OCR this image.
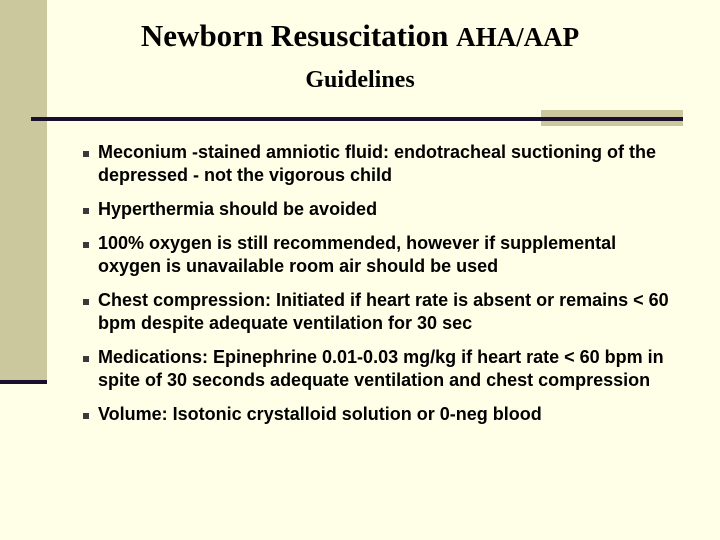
Newborn Resuscitation AHA/AAP
Guidelines
Meconium -stained amniotic fluid: endotracheal suctioning of the depressed - not the vigorous child
Hyperthermia should be avoided
100% oxygen is still recommended, however if supplemental oxygen is unavailable room air should be used
Chest compression: Initiated if heart rate is absent or remains < 60 bpm despite adequate ventilation for 30 sec
Medications: Epinephrine 0.01-0.03 mg/kg if heart rate < 60 bpm in spite of 30 seconds adequate ventilation and chest compression
Volume: Isotonic crystalloid solution or 0-neg blood
